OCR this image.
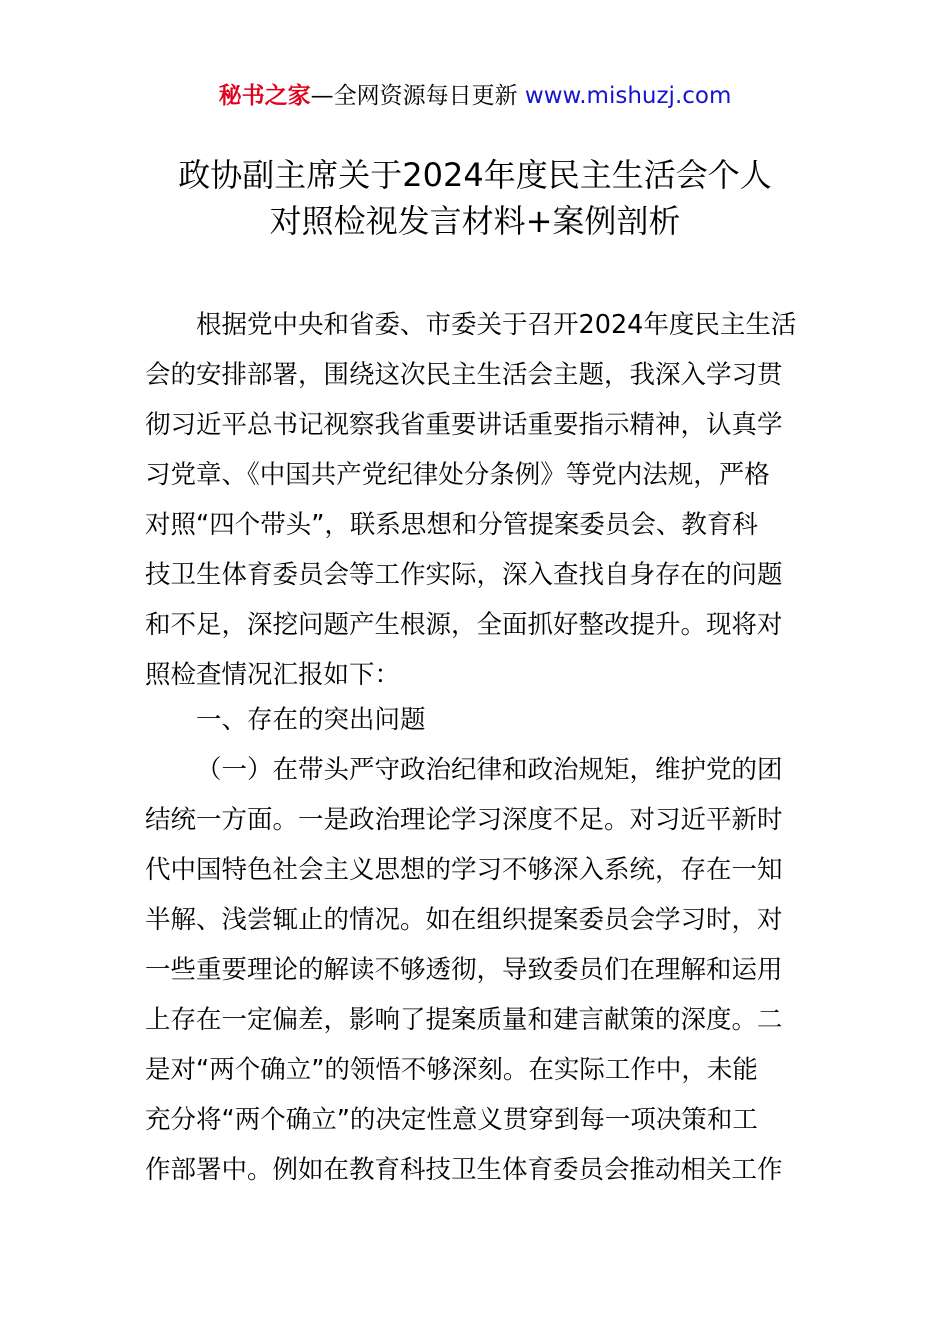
秘书之家—全网资源每日更新 www.mishuzj.com
政协副主席关于2024年度民主生活会个人
对照检视发言材料+案例剖析
根据党中央和省委、市委关于召开2024年度民主生活
会的安排部署，围绕这次民主生活会主题，我深入学习贯
彻习近平总书记视察我省重要讲话重要指示精神，认真学
习党章、《中国共产党纪律处分条例》等党内法规，严格
对照“四个带头”，联系思想和分管提案委员会、教育科
技卫生体育委员会等工作实际，深入查找自身存在的问题
和不足，深挖问题产生根源，全面抓好整改提升。现将对
照检查情况汇报如下：
一、存在的突出问题
（一）在带头严守政治纪律和政治规矩，维护党的团
结统一方面。一是政治理论学习深度不足。对习近平新时
代中国特色社会主义思想的学习不够深入系统，存在一知
半解、浅尝辄止的情况。如在组织提案委员会学习时，对
一些重要理论的解读不够透彻，导致委员们在理解和运用
上存在一定偏差，影响了提案质量和建言献策的深度。二
是对“两个确立”的领悟不够深刻。在实际工作中，未能
充分将“两个确立”的决定性意义贯穿到每一项决策和工
作部署中。例如在教育科技卫生体育委员会推动相关工作
